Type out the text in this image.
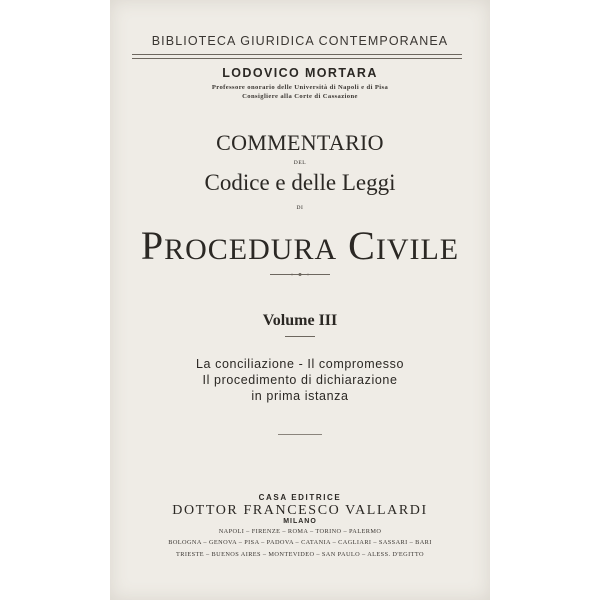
BIBLIOTECA GIURIDICA CONTEMPORANEA
LODOVICO MORTARA
Professore onorario delle Università di Napoli e di Pisa
Consigliere alla Corte di Cassazione
COMMENTARIO
DEL
Codice e delle Leggi
DI
PROCEDURA CIVILE
Volume III
La conciliazione - Il compromesso
Il procedimento di dichiarazione
in prima istanza
CASA EDITRICE
DOTTOR FRANCESCO VALLARDI
MILANO
NAPOLI – FIRENZE – ROMA – TORINO – PALERMO
BOLOGNA – GENOVA – PISA – PADOVA – CATANIA – CAGLIARI – SASSARI – BARI
TRIESTE – BUENOS AIRES – MONTEVIDEO – SAN PAULO – ALESS. D'EGITTO
